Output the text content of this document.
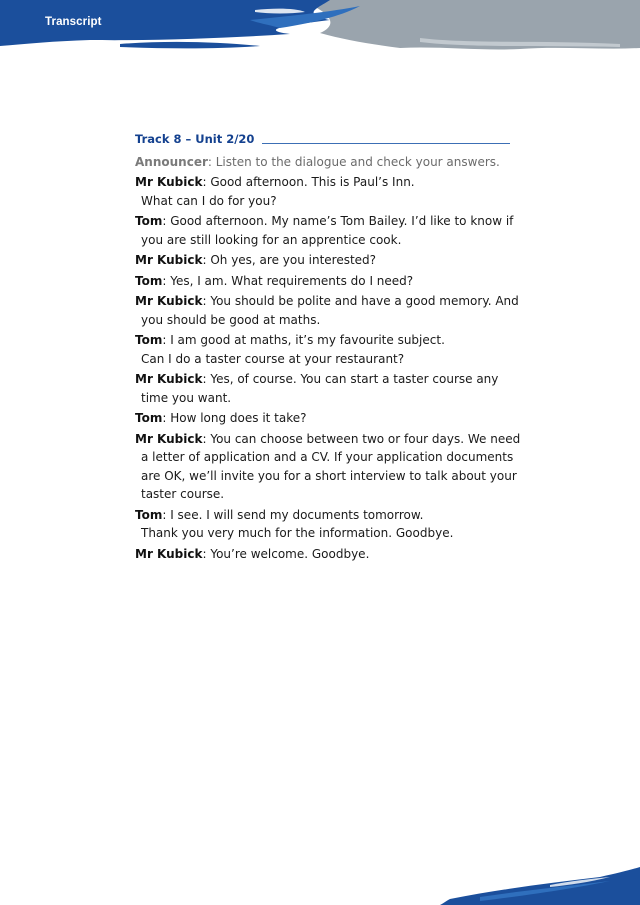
Transcript
Track 8 – Unit 2/20
Announcer: Listen to the dialogue and check your answers.
Mr Kubick: Good afternoon. This is Paul’s Inn.
What can I do for you?
Tom: Good afternoon. My name’s Tom Bailey. I’d like to know if
you are still looking for an apprentice cook.
Mr Kubick: Oh yes, are you interested?
Tom: Yes, I am. What requirements do I need?
Mr Kubick: You should be polite and have a good memory. And
you should be good at maths.
Tom: I am good at maths, it’s my favourite subject.
Can I do a taster course at your restaurant?
Mr Kubick: Yes, of course. You can start a taster course any
time you want.
Tom: How long does it take?
Mr Kubick: You can choose between two or four days. We need
a letter of application and a CV. If your application documents
are OK, we’ll invite you for a short interview to talk about your
taster course.
Tom: I see. I will send my documents tomorrow.
Thank you very much for the information. Goodbye.
Mr Kubick: You’re welcome. Goodbye.
